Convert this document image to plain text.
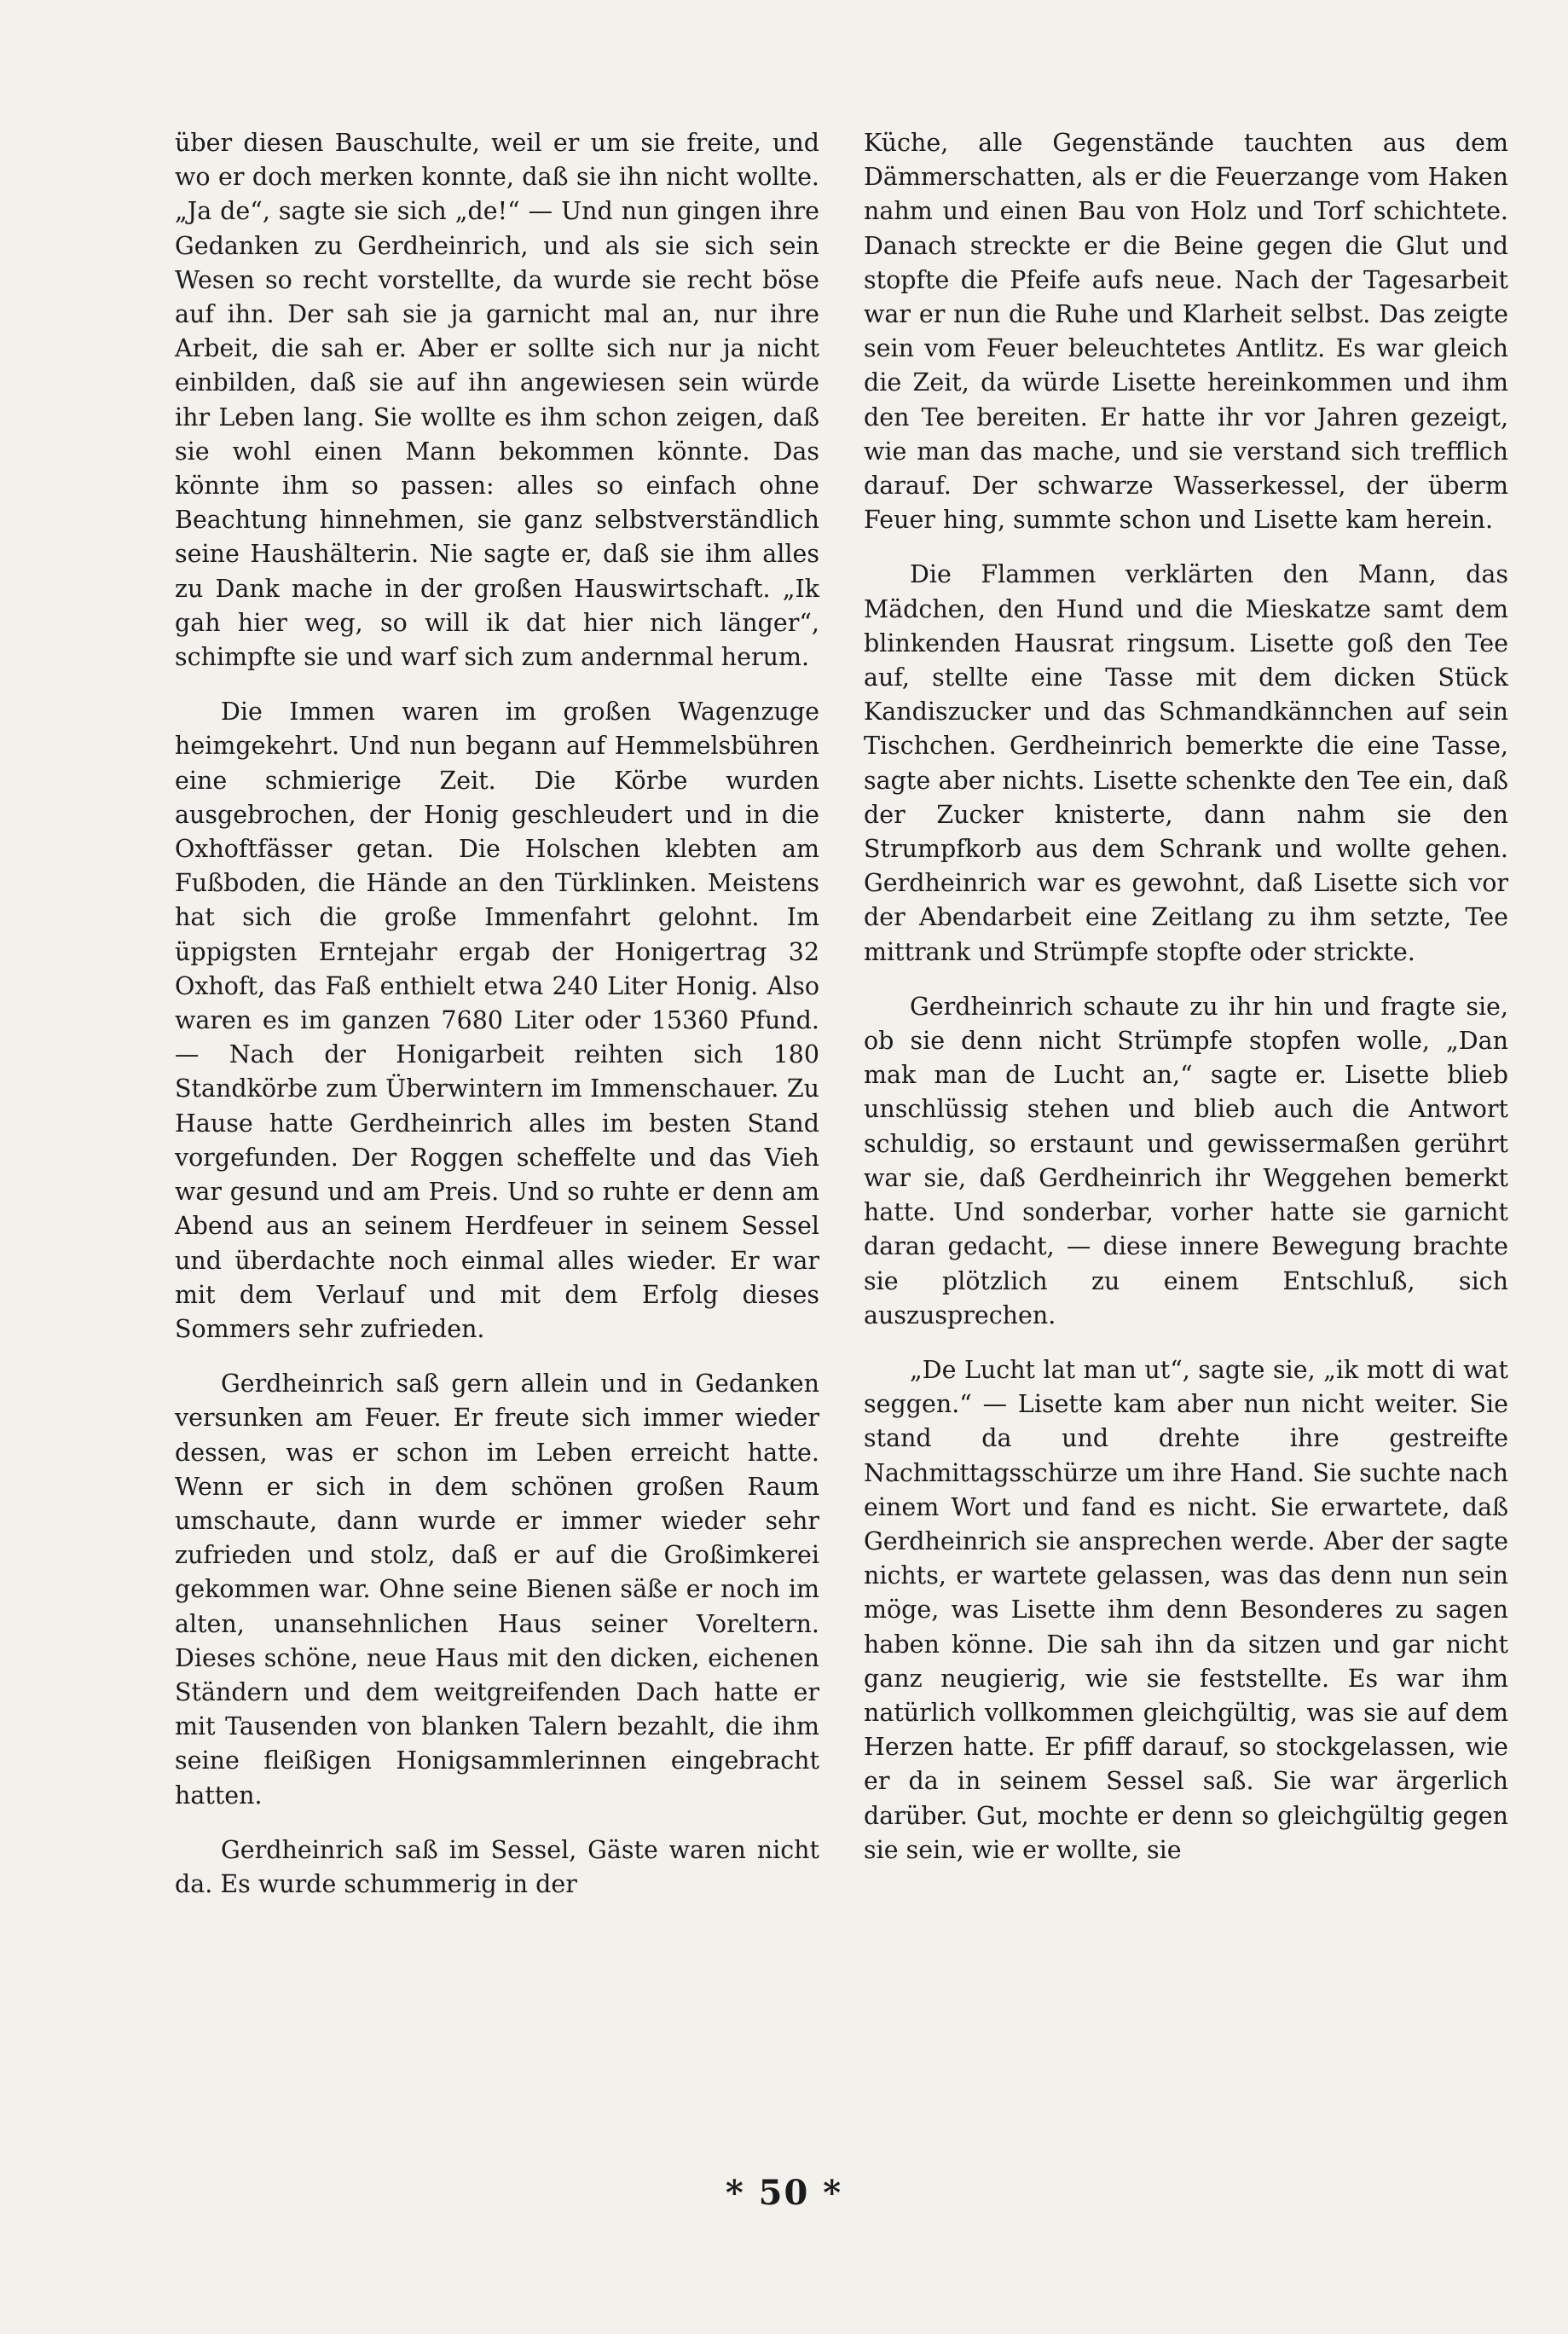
über diesen Bauschulte, weil er um sie freite, und wo er doch merken konnte, daß sie ihn nicht wollte. „Ja de“, sagte sie sich „de!“ — Und nun gingen ihre Gedanken zu Gerdheinrich, und als sie sich sein Wesen so recht vorstellte, da wurde sie recht böse auf ihn. Der sah sie ja garnicht mal an, nur ihre Arbeit, die sah er. Aber er sollte sich nur ja nicht einbilden, daß sie auf ihn angewiesen sein würde ihr Leben lang. Sie wollte es ihm schon zeigen, daß sie wohl einen Mann bekommen könnte. Das könnte ihm so passen: alles so einfach ohne Beachtung hinnehmen, sie ganz selbstverständlich seine Haushälterin. Nie sagte er, daß sie ihm alles zu Dank mache in der großen Hauswirtschaft. „Ik gah hier weg, so will ik dat hier nich länger“, schimpfte sie und warf sich zum andernmal herum.

Die Immen waren im großen Wagenzuge heimgekehrt. Und nun begann auf Hemmelsbühren eine schmierige Zeit. Die Körbe wurden ausgebrochen, der Honig geschleudert und in die Oxhoftfässer getan. Die Holschen klebten am Fußboden, die Hände an den Türklinken. Meistens hat sich die große Immenfahrt gelohnt. Im üppigsten Erntejahr ergab der Honigertrag 32 Oxhoft, das Faß enthielt etwa 240 Liter Honig. Also waren es im ganzen 7680 Liter oder 15360 Pfund. — Nach der Honigarbeit reihten sich 180 Standkörbe zum Überwintern im Immenschauer. Zu Hause hatte Gerdheinrich alles im besten Stand vorgefunden. Der Roggen scheffelte und das Vieh war gesund und am Preis. Und so ruhte er denn am Abend aus an seinem Herdfeuer in seinem Sessel und überdachte noch einmal alles wieder. Er war mit dem Verlauf und mit dem Erfolg dieses Sommers sehr zufrieden.

Gerdheinrich saß gern allein und in Gedanken versunken am Feuer. Er freute sich immer wieder dessen, was er schon im Leben erreicht hatte. Wenn er sich in dem schönen großen Raum umschaute, dann wurde er immer wieder sehr zufrieden und stolz, daß er auf die Großimkerei gekommen war. Ohne seine Bienen säße er noch im alten, unansehnlichen Haus seiner Voreltern. Dieses schöne, neue Haus mit den dicken, eichenen Ständern und dem weitgreifenden Dach hatte er mit Tausenden von blanken Talern bezahlt, die ihm seine fleißigen Honigsammlerinnen eingebracht hatten.

Gerdheinrich saß im Sessel, Gäste waren nicht da. Es wurde schummerig in der

Küche, alle Gegenstände tauchten aus dem Dämmerschatten, als er die Feuerzange vom Haken nahm und einen Bau von Holz und Torf schichtete. Danach streckte er die Beine gegen die Glut und stopfte die Pfeife aufs neue. Nach der Tagesarbeit war er nun die Ruhe und Klarheit selbst. Das zeigte sein vom Feuer beleuchtetes Antlitz. Es war gleich die Zeit, da würde Lisette hereinkommen und ihm den Tee bereiten. Er hatte ihr vor Jahren gezeigt, wie man das mache, und sie verstand sich trefflich darauf. Der schwarze Wasserkessel, der überm Feuer hing, summte schon und Lisette kam herein.

Die Flammen verklärten den Mann, das Mädchen, den Hund und die Mieskatze samt dem blinkenden Hausrat ringsum. Lisette goß den Tee auf, stellte eine Tasse mit dem dicken Stück Kandiszucker und das Schmandkännchen auf sein Tischchen. Gerdheinrich bemerkte die eine Tasse, sagte aber nichts. Lisette schenkte den Tee ein, daß der Zucker knisterte, dann nahm sie den Strumpfkorb aus dem Schrank und wollte gehen. Gerdheinrich war es gewohnt, daß Lisette sich vor der Abendarbeit eine Zeitlang zu ihm setzte, Tee mittrank und Strümpfe stopfte oder strickte.

Gerdheinrich schaute zu ihr hin und fragte sie, ob sie denn nicht Strümpfe stopfen wolle, „Dan mak man de Lucht an,“ sagte er. Lisette blieb unschlüssig stehen und blieb auch die Antwort schuldig, so erstaunt und gewissermaßen gerührt war sie, daß Gerdheinrich ihr Weggehen bemerkt hatte. Und sonderbar, vorher hatte sie garnicht daran gedacht, — diese innere Bewegung brachte sie plötzlich zu einem Entschluß, sich auszusprechen.

„De Lucht lat man ut“, sagte sie, „ik mott di wat seggen.“ — Lisette kam aber nun nicht weiter. Sie stand da und drehte ihre gestreifte Nachmittagsschürze um ihre Hand. Sie suchte nach einem Wort und fand es nicht. Sie erwartete, daß Gerdheinrich sie ansprechen werde. Aber der sagte nichts, er wartete gelassen, was das denn nun sein möge, was Lisette ihm denn Besonderes zu sagen haben könne. Die sah ihn da sitzen und gar nicht ganz neugierig, wie sie feststellte. Es war ihm natürlich vollkommen gleichgültig, was sie auf dem Herzen hatte. Er pfiff darauf, so stockgelassen, wie er da in seinem Sessel saß. Sie war ärgerlich darüber. Gut, mochte er denn so gleichgültig gegen sie sein, wie er wollte, sie

* 50 *
